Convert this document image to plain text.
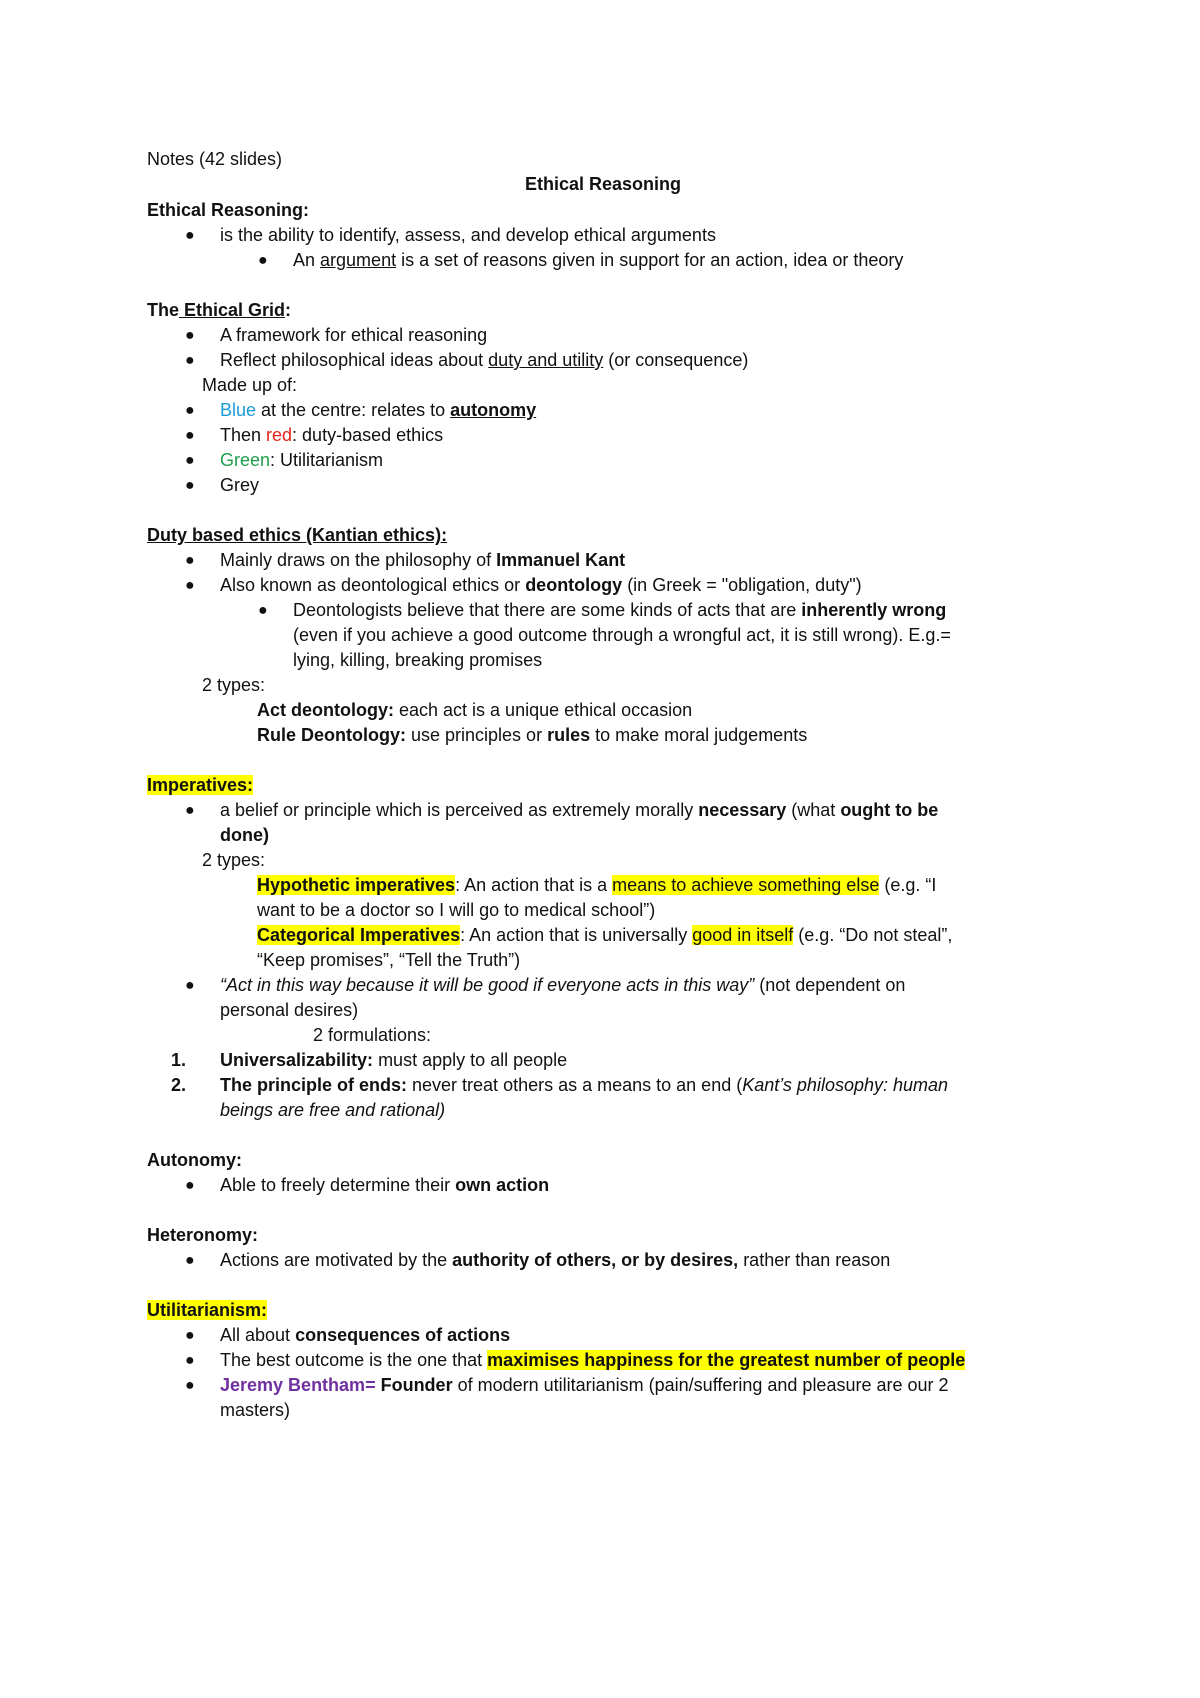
Notes (42 slides)
Ethical Reasoning
Ethical Reasoning:
● is the ability to identify, assess, and develop ethical arguments
● An argument is a set of reasons given in support for an action, idea or theory
The Ethical Grid:
● A framework for ethical reasoning
● Reflect philosophical ideas about duty and utility (or consequence)
Made up of:
● Blue at the centre: relates to autonomy
● Then red: duty-based ethics
● Green: Utilitarianism
● Grey
Duty based ethics (Kantian ethics):
● Mainly draws on the philosophy of Immanuel Kant
● Also known as deontological ethics or deontology (in Greek = "obligation, duty")
● Deontologists believe that there are some kinds of acts that are inherently wrong
(even if you achieve a good outcome through a wrongful act, it is still wrong). E.g.=
lying, killing, breaking promises
2 types:
Act deontology: each act is a unique ethical occasion
Rule Deontology: use principles or rules to make moral judgements
Imperatives:
● a belief or principle which is perceived as extremely morally necessary (what ought to be
done)
2 types:
Hypothetic imperatives: An action that is a means to achieve something else (e.g. “I
want to be a doctor so I will go to medical school”)
Categorical Imperatives: An action that is universally good in itself (e.g. “Do not steal”,
“Keep promises”, “Tell the Truth”)
● “Act in this way because it will be good if everyone acts in this way” (not dependent on
personal desires)
2 formulations:
1. Universalizability: must apply to all people
2. The principle of ends: never treat others as a means to an end (Kant’s philosophy: human
beings are free and rational)
Autonomy:
● Able to freely determine their own action
Heteronomy:
● Actions are motivated by the authority of others, or by desires, rather than reason
Utilitarianism:
● All about consequences of actions
● The best outcome is the one that maximises happiness for the greatest number of people
● Jeremy Bentham= Founder of modern utilitarianism (pain/suffering and pleasure are our 2
masters)
